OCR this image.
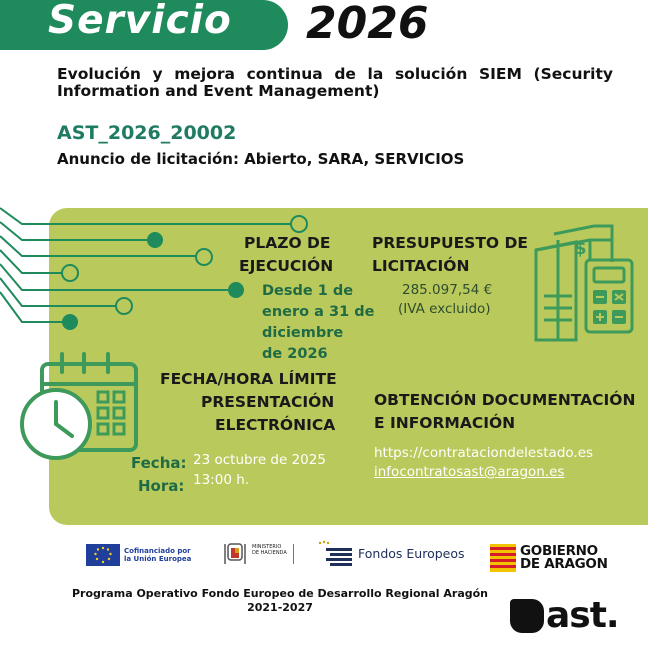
Servicio 2026
Evolución y mejora continua de la solución SIEM (Security Information and Event Management)
AST_2026_20002
Anuncio de licitación: Abierto, SARA, SERVICIOS
PLAZO DE
EJECUCIÓN
Desde 1 de
enero a 31 de
diciembre
de 2026
PRESUPUESTO DE
LICITACIÓN
285.097,54 €
(IVA excluido)
$
FECHA/HORA LÍMITE
PRESENTACIÓN
ELECTRÓNICA
Fecha: 23 octubre de 2025
Hora: 13:00 h.
OBTENCIÓN DOCUMENTACIÓN
E INFORMACIÓN
https://contrataciondelestado.es
infocontratosast@aragon.es
Cofinanciado por
la Unión Europea
MINISTERIO
DE HACIENDA	Fondos Europeos	GOBIERNO
DE ARAGON
Programa Operativo Fondo Europeo de Desarrollo Regional Aragón
2021-2027	ast.
